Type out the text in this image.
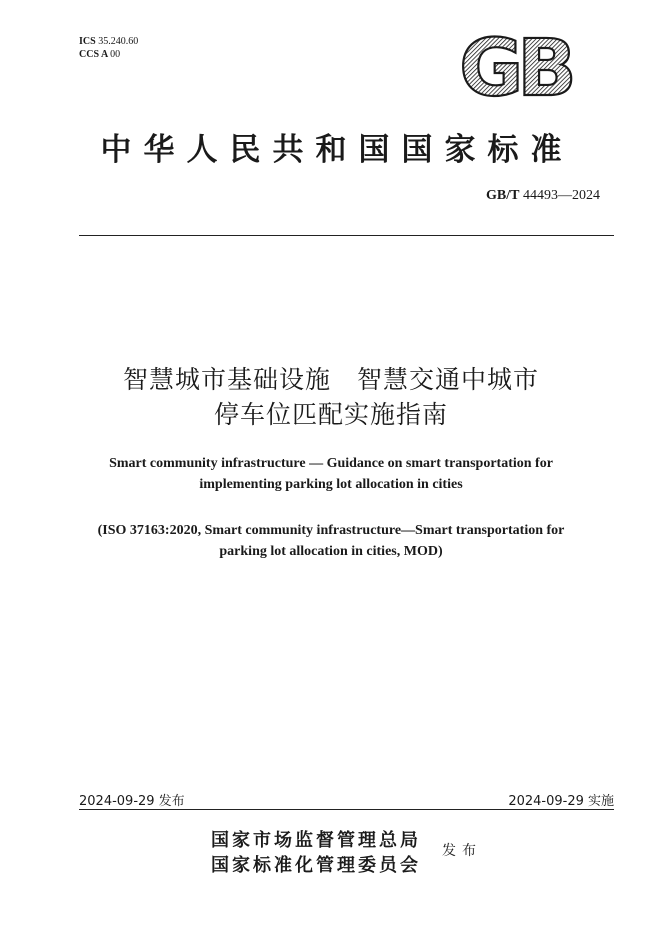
ICS 35.240.60
CCS A 00	GB
中华人民共和国国家标准
GB/T 44493—2024
智慧城市基础设施　智慧交通中城市
停车位匹配实施指南
Smart community infrastructure — Guidance on smart transportation for
implementing parking lot allocation in cities
(ISO 37163:2020, Smart community infrastructure—Smart transportation for
parking lot allocation in cities, MOD)
2024-09-29 发布	2024-09-29 实施
国家市场监督管理总局
国家标准化管理委员会
发布
